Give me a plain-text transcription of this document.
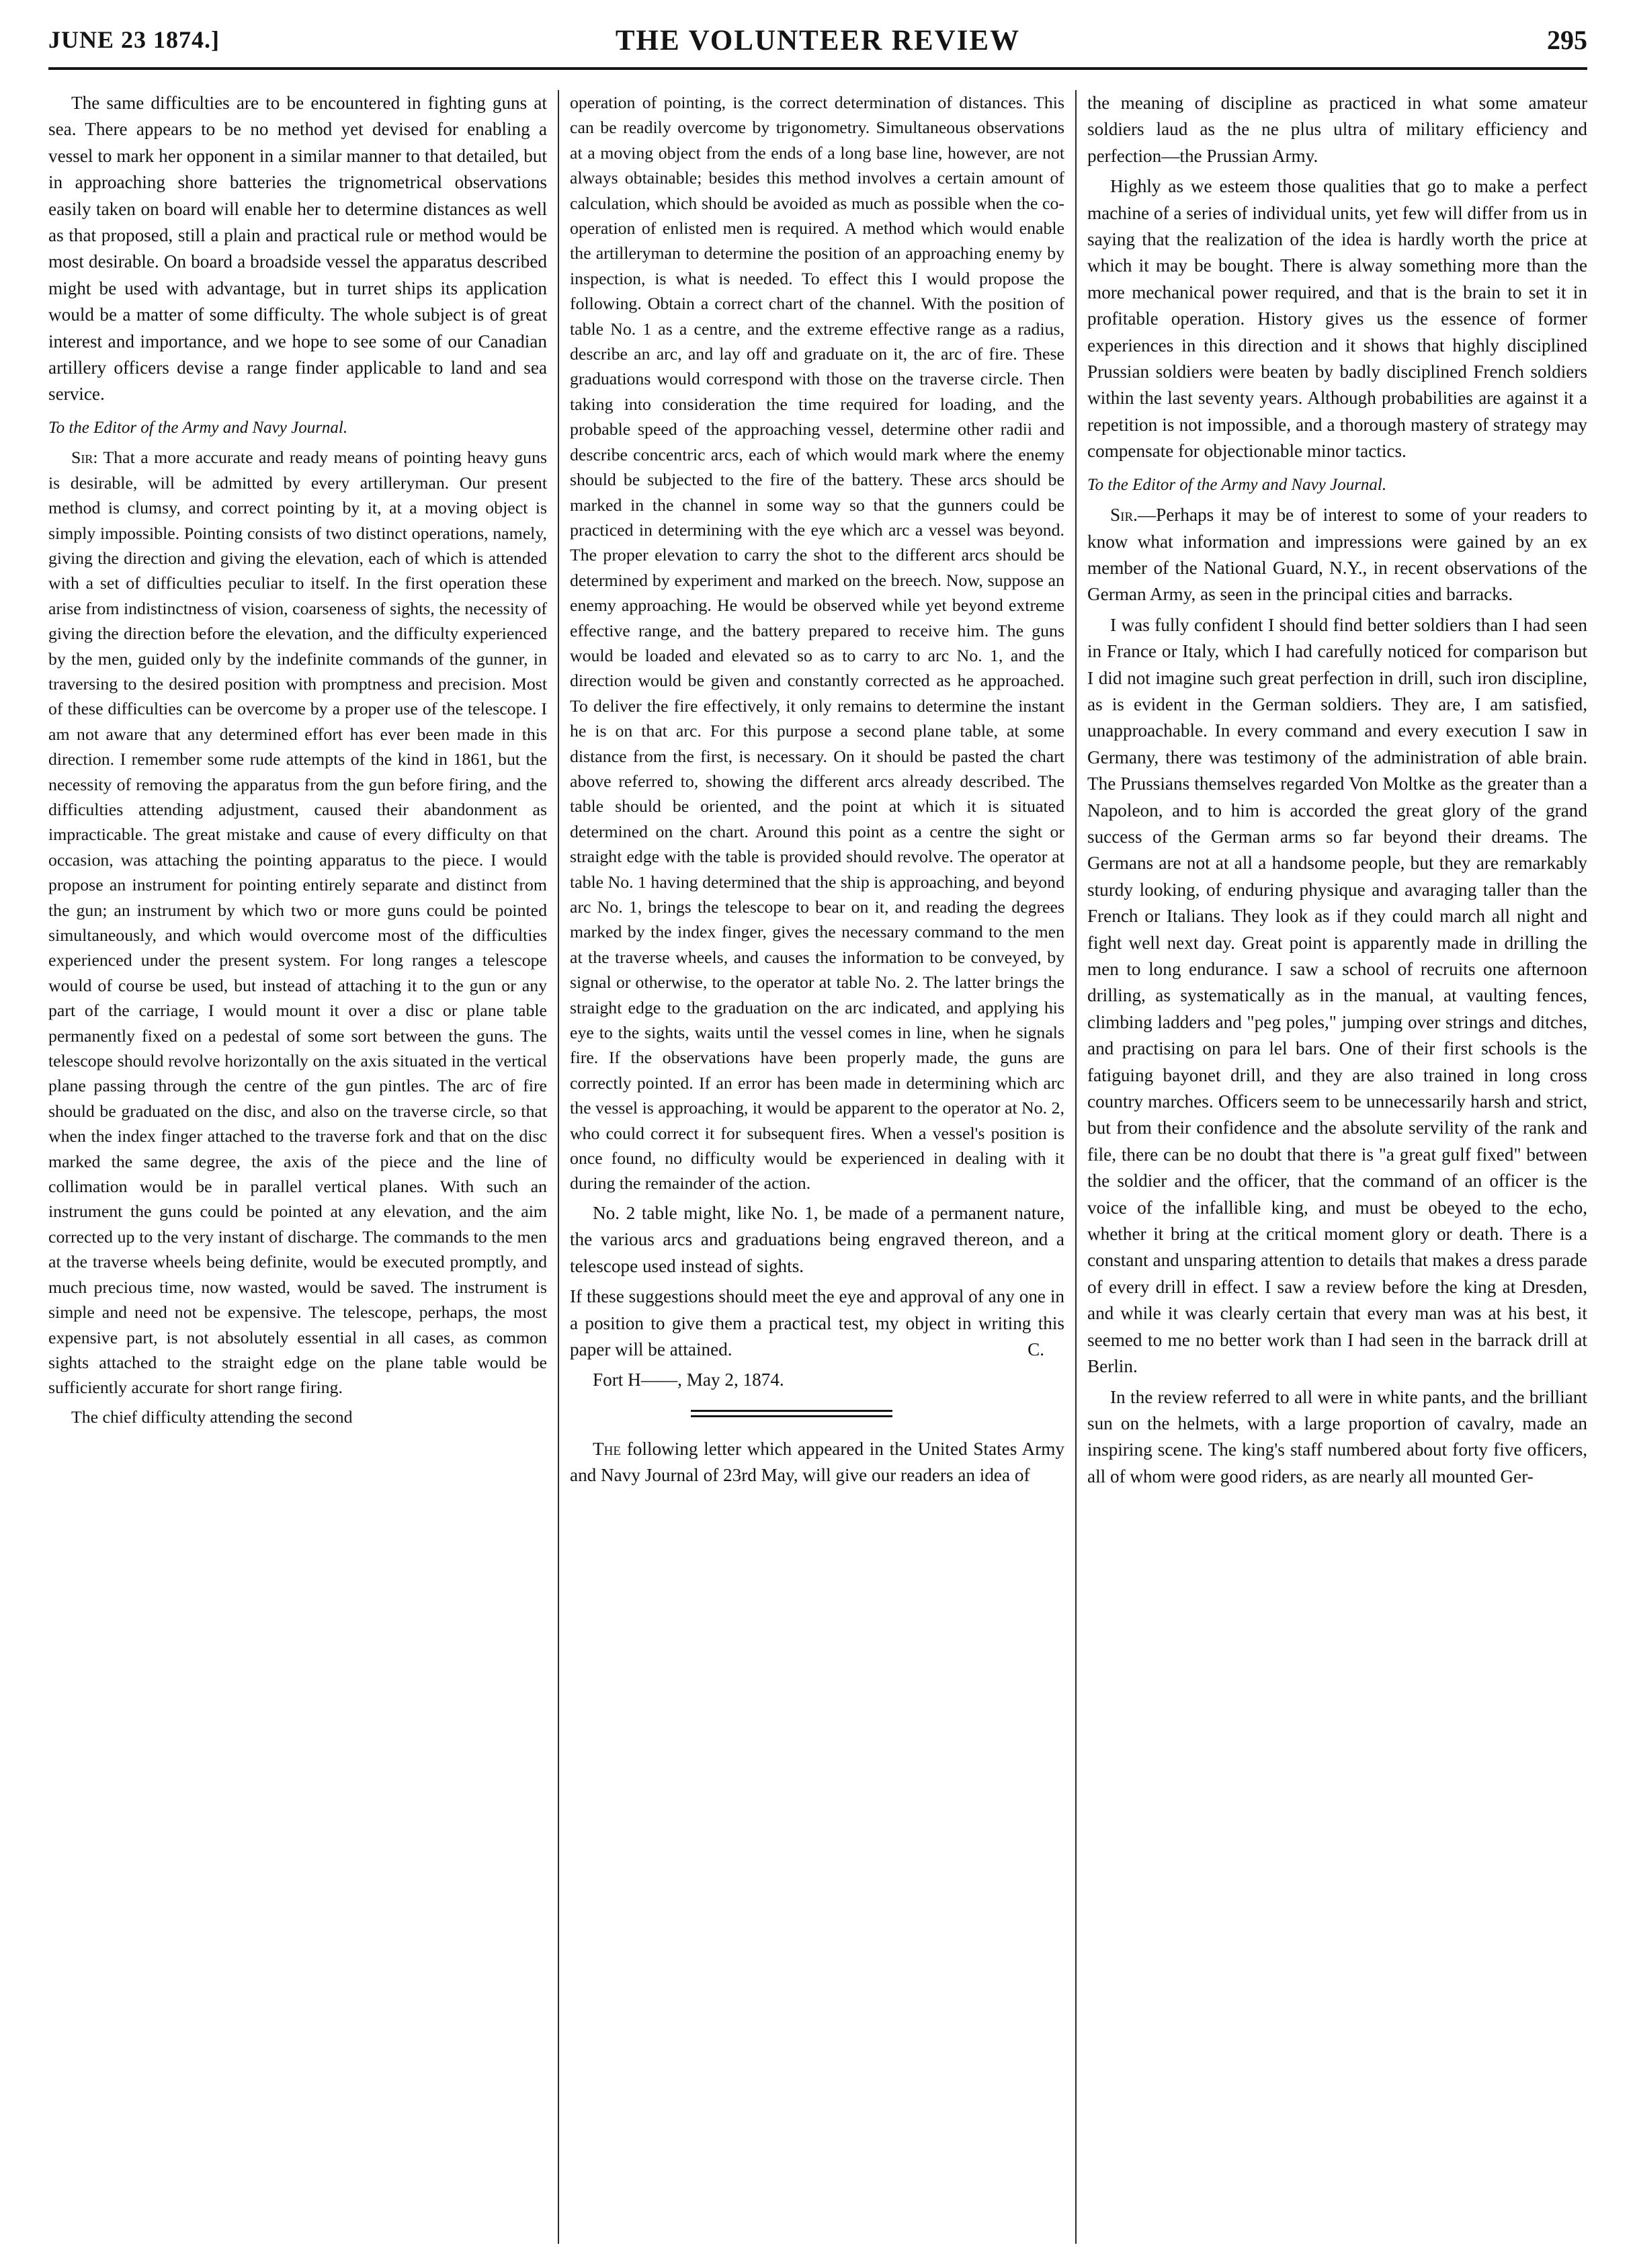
JUNE 23 1874.]	THE VOLUNTEER REVIEW	295

The same difficulties are to be encountered in fighting guns at sea. There appears to be no method yet devised for enabling a vessel to mark her opponent in a similar manner to that detailed, but in approaching shore batteries the trignometrical observations easily taken on board will enable her to determine distances as well as that proposed, still a plain and practical rule or method would be most desirable. On board a broadside vessel the apparatus described might be used with advantage, but in turret ships its application would be a matter of some difficulty. The whole subject is of great interest and importance, and we hope to see some of our Canadian artillery officers devise a range finder applicable to land and sea service.

To the Editor of the Army and Navy Journal.

Sir: That a more accurate and ready means of pointing heavy guns is desirable, will be admitted by every artilleryman. Our present method is clumsy, and correct pointing by it, at a moving object is simply impossible. Pointing consists of two distinct operations, namely, giving the direction and giving the elevation, each of which is attended with a set of difficulties peculiar to itself. In the first operation these arise from indistinctness of vision, coarseness of sights, the necessity of giving the direction before the elevation, and the difficulty experienced by the men, guided only by the indefinite commands of the gunner, in traversing to the desired position with promptness and precision. Most of these difficulties can be overcome by a proper use of the telescope. I am not aware that any determined effort has ever been made in this direction. I remember some rude attempts of the kind in 1861, but the necessity of removing the apparatus from the gun before firing, and the difficulties attending adjustment, caused their abandonment as impracticable. The great mistake and cause of every difficulty on that occasion, was attaching the pointing apparatus to the piece. I would propose an instrument for pointing entirely separate and distinct from the gun; an instrument by which two or more guns could be pointed simultaneously, and which would overcome most of the difficulties experienced under the present system. For long ranges a telescope would of course be used, but instead of attaching it to the gun or any part of the carriage, I would mount it over a disc or plane table permanently fixed on a pedestal of some sort between the guns. The telescope should revolve horizontally on the axis situated in the vertical plane passing through the centre of the gun pintles. The arc of fire should be graduated on the disc, and also on the traverse circle, so that when the index finger attached to the traverse fork and that on the disc marked the same degree, the axis of the piece and the line of collimation would be in parallel vertical planes. With such an instrument the guns could be pointed at any elevation, and the aim corrected up to the very instant of discharge. The commands to the men at the traverse wheels being definite, would be executed promptly, and much precious time, now wasted, would be saved. The instrument is simple and need not be expensive. The telescope, perhaps, the most expensive part, is not absolutely essential in all cases, as common sights attached to the straight edge on the plane table would be sufficiently accurate for short range firing.

The chief difficulty attending the second

operation of pointing, is the correct determination of distances. This can be readily overcome by trigonometry. Simultaneous observations at a moving object from the ends of a long base line, however, are not always obtainable; besides this method involves a certain amount of calculation, which should be avoided as much as possible when the co-operation of enlisted men is required. A method which would enable the artilleryman to determine the position of an approaching enemy by inspection, is what is needed. To effect this I would propose the following. Obtain a correct chart of the channel. With the position of table No. 1 as a centre, and the extreme effective range as a radius, describe an arc, and lay off and graduate on it, the arc of fire. These graduations would correspond with those on the traverse circle. Then taking into consideration the time required for loading, and the probable speed of the approaching vessel, determine other radii and describe concentric arcs, each of which would mark where the enemy should be subjected to the fire of the battery. These arcs should be marked in the channel in some way so that the gunners could be practiced in determining with the eye which arc a vessel was beyond. The proper elevation to carry the shot to the different arcs should be determined by experiment and marked on the breech. Now, suppose an enemy approaching. He would be observed while yet beyond extreme effective range, and the battery prepared to receive him. The guns would be loaded and elevated so as to carry to arc No. 1, and the direction would be given and constantly corrected as he approached. To deliver the fire effectively, it only remains to determine the instant he is on that arc. For this purpose a second plane table, at some distance from the first, is necessary. On it should be pasted the chart above referred to, showing the different arcs already described. The table should be oriented, and the point at which it is situated determined on the chart. Around this point as a centre the sight or straight edge with the table is provided should revolve. The operator at table No. 1 having determined that the ship is approaching, and beyond arc No. 1, brings the telescope to bear on it, and reading the degrees marked by the index finger, gives the necessary command to the men at the traverse wheels, and causes the information to be conveyed, by signal or otherwise, to the operator at table No. 2. The latter brings the straight edge to the graduation on the arc indicated, and applying his eye to the sights, waits until the vessel comes in line, when he signals fire. If the observations have been properly made, the guns are correctly pointed. If an error has been made in determining which arc the vessel is approaching, it would be apparent to the operator at No. 2, who could correct it for subsequent fires. When a vessel's position is once found, no difficulty would be experienced in dealing with it during the remainder of the action.

No. 2 table might, like No. 1, be made of a permanent nature, the various arcs and graduations being engraved thereon, and a telescope used instead of sights.

If these suggestions should meet the eye and approval of any one in a position to give them a practical test, my object in writing this paper will be attained.	C.

Fort H——, May 2, 1874.

The following letter which appeared in the United States Army and Navy Journal of 23rd May, will give our readers an idea of

the meaning of discipline as practiced in what some amateur soldiers laud as the ne plus ultra of military efficiency and perfection—the Prussian Army.

Highly as we esteem those qualities that go to make a perfect machine of a series of individual units, yet few will differ from us in saying that the realization of the idea is hardly worth the price at which it may be bought. There is alway something more than the more mechanical power required, and that is the brain to set it in profitable operation. History gives us the essence of former experiences in this direction and it shows that highly disciplined Prussian soldiers were beaten by badly disciplined French soldiers within the last seventy years. Although probabilities are against it a repetition is not impossible, and a thorough mastery of strategy may compensate for objectionable minor tactics.

To the Editor of the Army and Navy Journal.

Sir.—Perhaps it may be of interest to some of your readers to know what information and impressions were gained by an ex member of the National Guard, N.Y., in recent observations of the German Army, as seen in the principal cities and barracks.

I was fully confident I should find better soldiers than I had seen in France or Italy, which I had carefully noticed for comparison but I did not imagine such great perfection in drill, such iron discipline, as is evident in the German soldiers. They are, I am satisfied, unapproachable. In every command and every execution I saw in Germany, there was testimony of the administration of able brain. The Prussians themselves regarded Von Moltke as the greater than a Napoleon, and to him is accorded the great glory of the grand success of the German arms so far beyond their dreams. The Germans are not at all a handsome people, but they are remarkably sturdy looking, of enduring physique and avaraging taller than the French or Italians. They look as if they could march all night and fight well next day. Great point is apparently made in drilling the men to long endurance. I saw a school of recruits one afternoon drilling, as systematically as in the manual, at vaulting fences, climbing ladders and "peg poles," jumping over strings and ditches, and practising on para lel bars. One of their first schools is the fatiguing bayonet drill, and they are also trained in long cross country marches. Officers seem to be unnecessarily harsh and strict, but from their confidence and the absolute servility of the rank and file, there can be no doubt that there is "a great gulf fixed" between the soldier and the officer, that the command of an officer is the voice of the infallible king, and must be obeyed to the echo, whether it bring at the critical moment glory or death. There is a constant and unsparing attention to details that makes a dress parade of every drill in effect. I saw a review before the king at Dresden, and while it was clearly certain that every man was at his best, it seemed to me no better work than I had seen in the barrack drill at Berlin.

In the review referred to all were in white pants, and the brilliant sun on the helmets, with a large proportion of cavalry, made an inspiring scene. The king's staff numbered about forty five officers, all of whom were good riders, as are nearly all mounted Ger-
